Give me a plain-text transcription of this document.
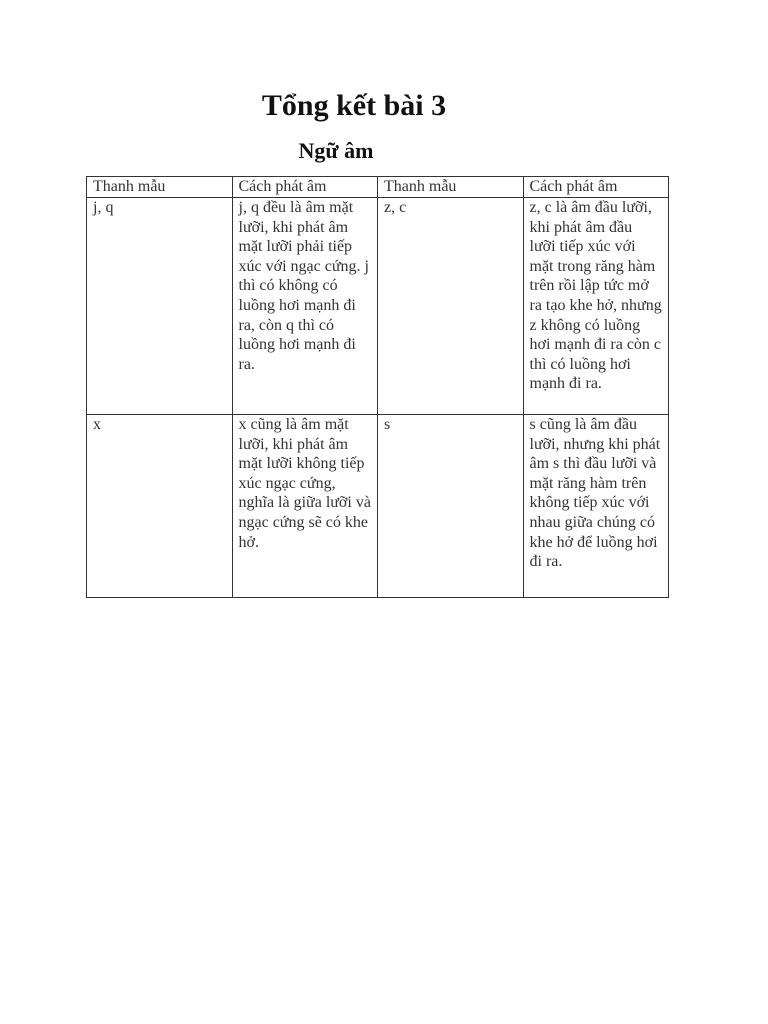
Tổng kết bài 3
Ngữ âm
Thanh mẫu	Cách phát âm	Thanh mẫu	Cách phát âm
j, q	j, q đều là âm mặt lưỡi, khi phát âm mặt lưỡi phải tiếp xúc với ngạc cứng. j thì có không có luồng hơi mạnh đi ra, còn q thì có luồng hơi mạnh đi ra.	z, c	z, c là âm đầu lưỡi, khi phát âm đầu lưỡi tiếp xúc với mặt trong răng hàm trên rồi lập tức mở ra tạo khe hở, nhưng z không có luồng hơi mạnh đi ra còn c thì có luồng hơi mạnh đi ra.
x	x cũng là âm mặt lưỡi, khi phát âm mặt lưỡi không tiếp xúc ngạc cứng, nghĩa là giữa lưỡi và ngạc cứng sẽ có khe hở.	s	s cũng là âm đầu lưỡi, nhưng khi phát âm s thì đầu lưỡi và mặt răng hàm trên không tiếp xúc với nhau giữa chúng có khe hở để luồng hơi đi ra.
